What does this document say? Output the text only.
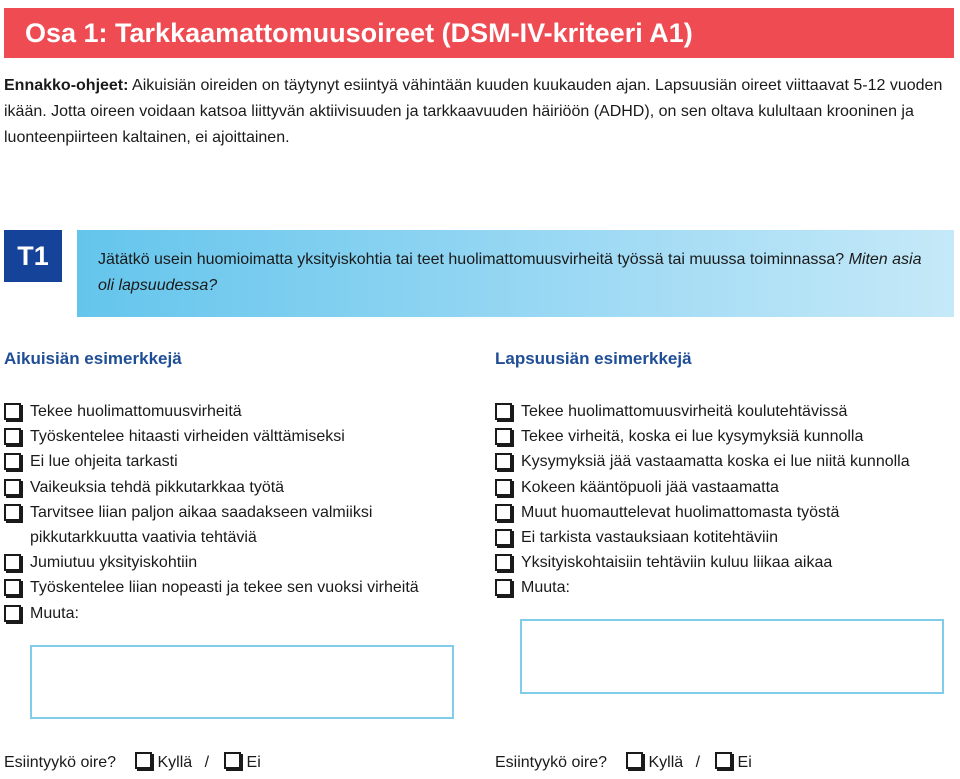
Osa 1: Tarkkaamattomuusoireet (DSM-IV-kriteeri A1)
Ennakko-ohjeet: Aikuisiän oireiden on täytynyt esiintyä vähintään kuuden kuukauden ajan. Lapsuusiän oireet viittaavat 5-12 vuoden ikään. Jotta oireen voidaan katsoa liittyvän aktiivisuuden ja tarkkaavuuden häiriöön (ADHD), on sen oltava kulultaan krooninen ja luonteenpiirteen kaltainen, ei ajoittainen.
T1	Jätätkö usein huomioimatta yksityiskohtia tai teet huolimattomuusvirheitä työssä tai muussa toiminnassa? Miten asia oli lapsuudessa?
Aikuisiän esimerkkejä
Tekee huolimattomuusvirheitä
Työskentelee hitaasti virheiden välttämiseksi
Ei lue ohjeita tarkasti
Vaikeuksia tehdä pikkutarkkaa työtä
Tarvitsee liian paljon aikaa saadakseen valmiiksi pikkutarkkuutta vaativia tehtäviä
Jumiutuu yksityiskohtiin
Työskentelee liian nopeasti ja tekee sen vuoksi virheitä
Muuta:
Esiintyykö oire?	Kyllä / Ei
Lapsuusiän esimerkkejä
Tekee huolimattomuusvirheitä koulutehtävissä
Tekee virheitä, koska ei lue kysymyksiä kunnolla
Kysymyksiä jää vastaamatta koska ei lue niitä kunnolla
Kokeen kääntöpuoli jää vastaamatta
Muut huomauttelevat huolimattomasta työstä
Ei tarkista vastauksiaan kotitehtäviin
Yksityiskohtaisiin tehtäviin kuluu liikaa aikaa
Muuta:
Esiintyykö oire?	Kyllä / Ei
